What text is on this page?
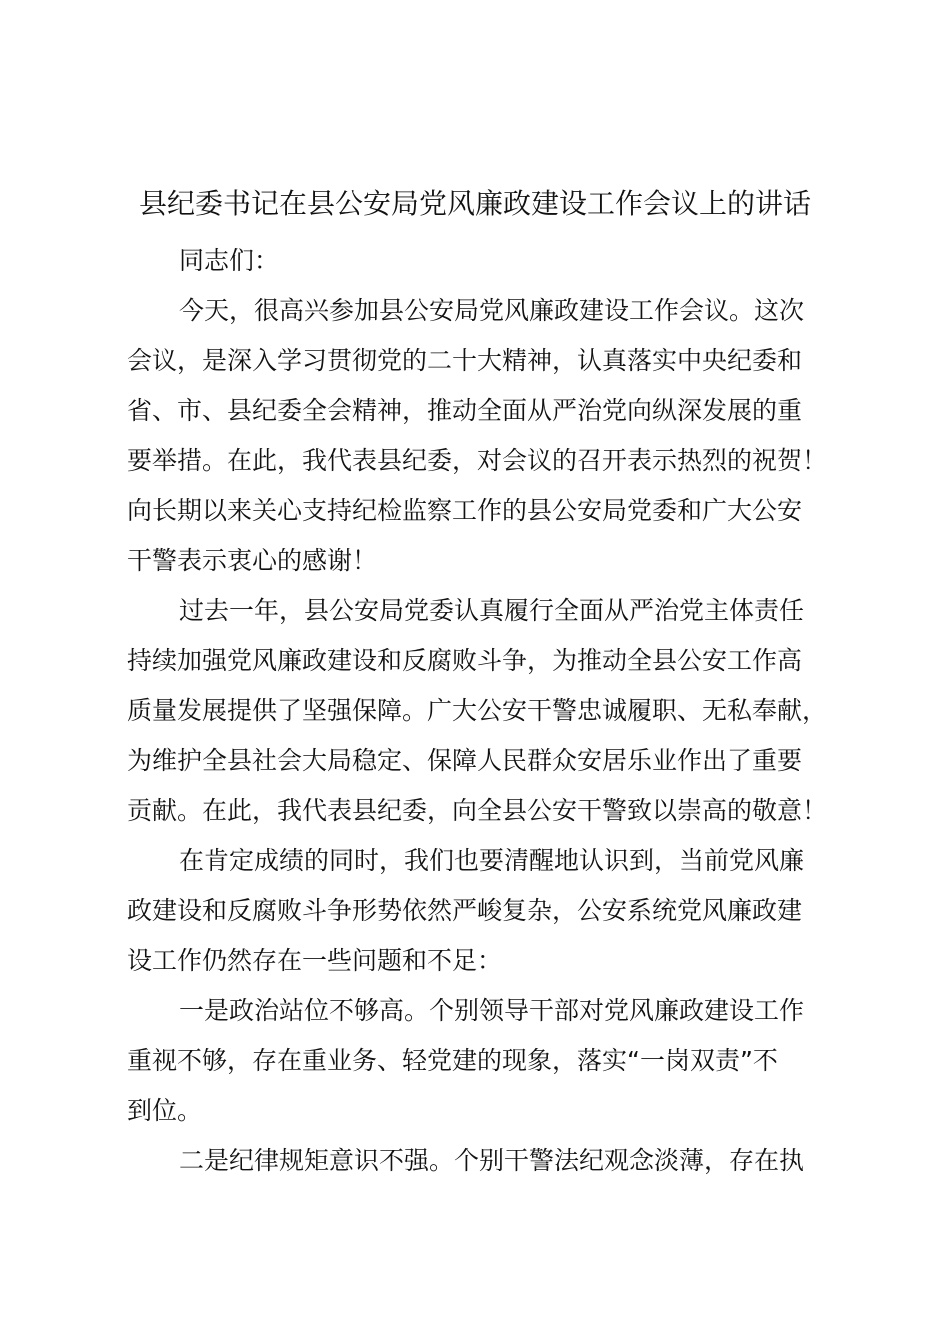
县纪委书记在县公安局党风廉政建设工作会议上的讲话

同志们：

今天，很高兴参加县公安局党风廉政建设工作会议。这次
会议，是深入学习贯彻党的二十大精神，认真落实中央纪委和
省、市、县纪委全会精神，推动全面从严治党向纵深发展的重
要举措。在此，我代表县纪委，对会议的召开表示热烈的祝贺！
向长期以来关心支持纪检监察工作的县公安局党委和广大公安
干警表示衷心的感谢！

过去一年，县公安局党委认真履行全面从严治党主体责任
持续加强党风廉政建设和反腐败斗争，为推动全县公安工作高
质量发展提供了坚强保障。广大公安干警忠诚履职、无私奉献，
为维护全县社会大局稳定、保障人民群众安居乐业作出了重要
贡献。在此，我代表县纪委，向全县公安干警致以崇高的敬意！

在肯定成绩的同时，我们也要清醒地认识到，当前党风廉
政建设和反腐败斗争形势依然严峻复杂，公安系统党风廉政建
设工作仍然存在一些问题和不足：

一是政治站位不够高。个别领导干部对党风廉政建设工作
重视不够，存在重业务、轻党建的现象，落实“一岗双责”不
到位。

二是纪律规矩意识不强。个别干警法纪观念淡薄，存在执
